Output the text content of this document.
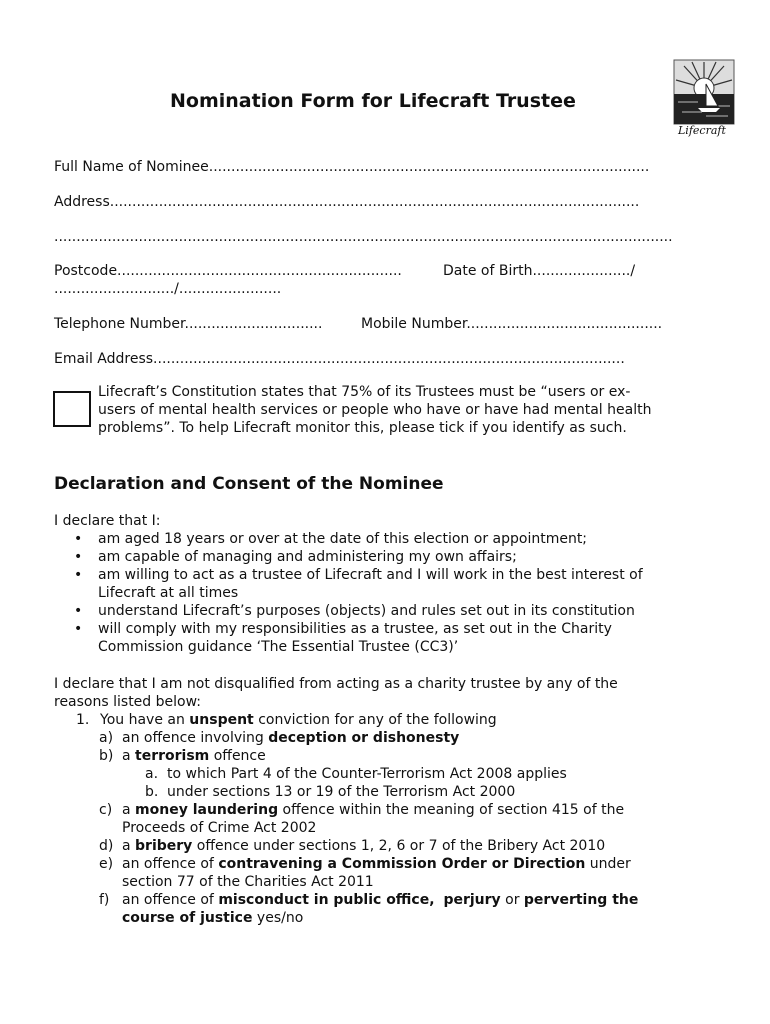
Lifecraft
Nomination Form for Lifecraft Trustee
Full Name of Nominee...................................................................................................
Address.......................................................................................................................
...........................................................................................................................................
Postcode................................................................	Date of Birth....................../
.........................../.......................
Telephone Number...............................	Mobile Number............................................
Email Address..........................................................................................................
Lifecraft’s Constitution states that 75% of its Trustees must be “users or ex-
users of mental health services or people who have or have had mental health
problems”. To help Lifecraft monitor this, please tick if you identify as such.
Declaration and Consent of the Nominee
I declare that I:
• am aged 18 years or over at the date of this election or appointment;
• am capable of managing and administering my own affairs;
• am willing to act as a trustee of Lifecraft and I will work in the best interest of
Lifecraft at all times
• understand Lifecraft’s purposes (objects) and rules set out in its constitution
• will comply with my responsibilities as a trustee, as set out in the Charity
Commission guidance ‘The Essential Trustee (CC3)’
I declare that I am not disqualified from acting as a charity trustee by any of the
reasons listed below:
1. You have an unspent conviction for any of the following
a) an offence involving deception or dishonesty
b) a terrorism offence
a. to which Part 4 of the Counter-Terrorism Act 2008 applies
b. under sections 13 or 19 of the Terrorism Act 2000
c) a money laundering offence within the meaning of section 415 of the
Proceeds of Crime Act 2002
d) a bribery offence under sections 1, 2, 6 or 7 of the Bribery Act 2010
e) an offence of contravening a Commission Order or Direction under
section 77 of the Charities Act 2011
f) an offence of misconduct in public office, perjury or perverting the
course of justice yes/no
